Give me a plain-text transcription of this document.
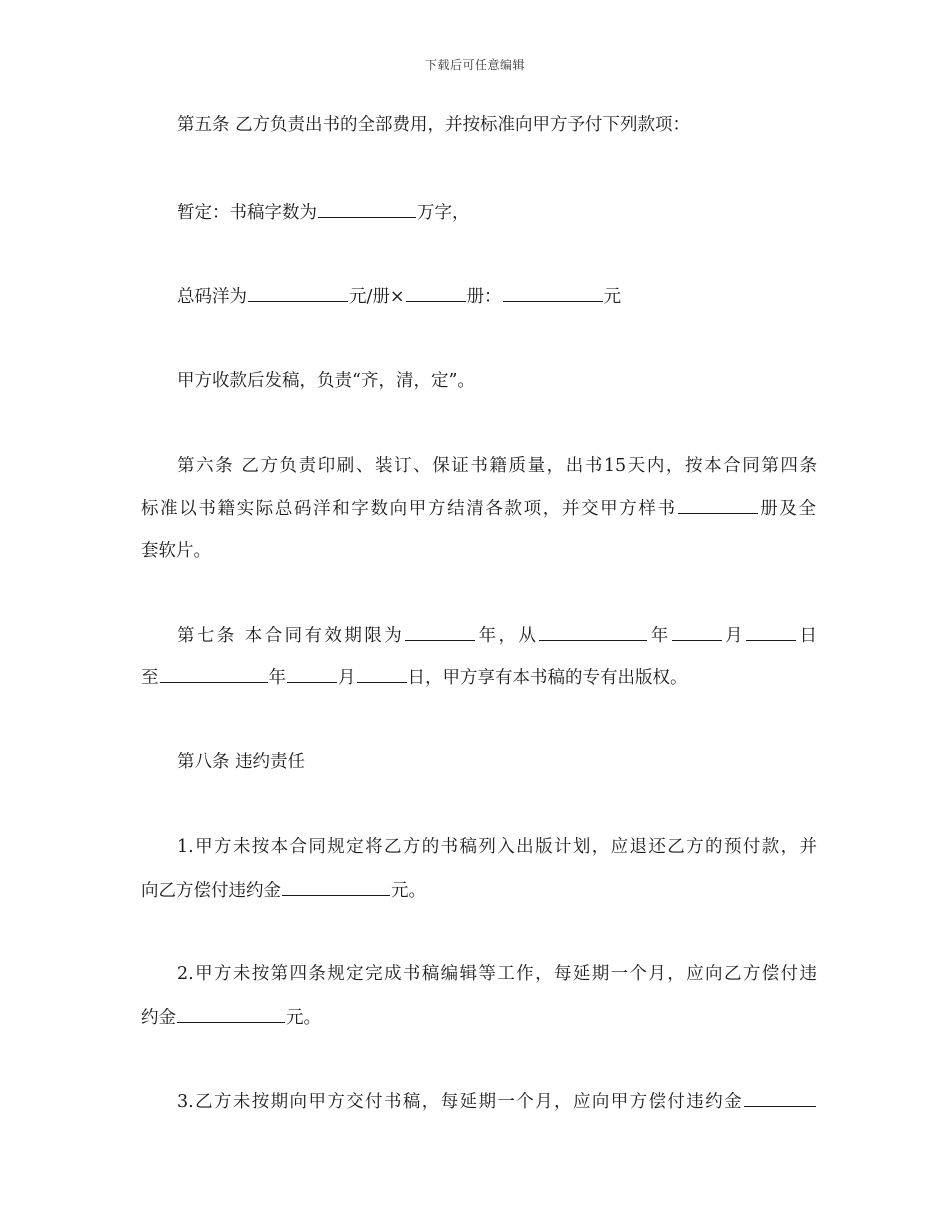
下载后可任意编辑
第五条 乙方负责出书的全部费用，并按标准向甲方予付下列款项：
暂定：书稿字数为	万字，
总码洋为	元/册×	册：	元
甲方收款后发稿，负责“齐，清，定”。
第六条 乙方负责印刷、装订、保证书籍质量，出书15天内，按本合同第四条
标准以书籍实际总码洋和字数向甲方结清各款项，并交甲方样书	册及全
套软片。
第七条 本合同有效期限为	年，从	年	月	日
至	年	月	日，甲方享有本书稿的专有出版权。
第八条 违约责任
1.甲方未按本合同规定将乙方的书稿列入出版计划，应退还乙方的预付款，并
向乙方偿付违约金	元。
2.甲方未按第四条规定完成书稿编辑等工作，每延期一个月，应向乙方偿付违
约金	元。
3.乙方未按期向甲方交付书稿，每延期一个月，应向甲方偿付违约金
